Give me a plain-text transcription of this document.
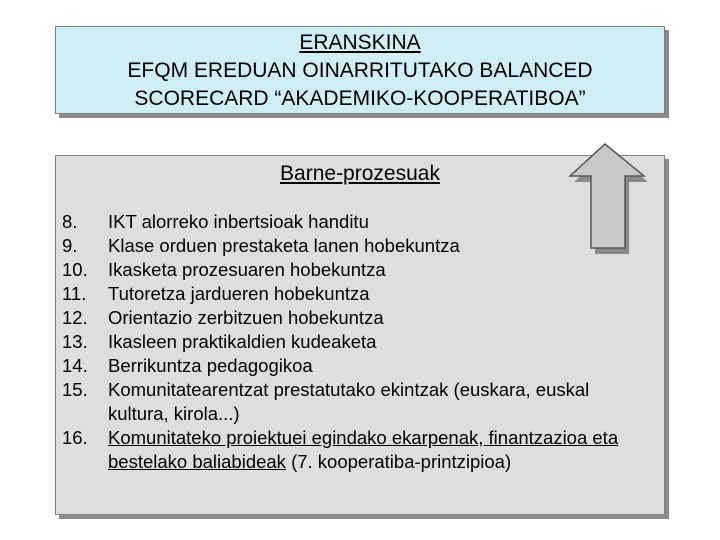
ERANSKINA
EFQM EREDUAN OINARRITUTAKO BALANCED
SCORECARD “AKADEMIKO-KOOPERATIBOA”
Barne-prozesuak
8.	IKT alorreko inbertsioak handitu
9.	Klase orduen prestaketa lanen hobekuntza
10.	Ikasketa prozesuaren hobekuntza
11.	Tutoretza jardueren hobekuntza
12.	Orientazio zerbitzuen hobekuntza
13.	Ikasleen praktikaldien kudeaketa
14.	Berrikuntza pedagogikoa
15.	Komunitatearentzat prestatutako ekintzak (euskara, euskal kultura, kirola...)
16.	Komunitateko proiektuei egindako ekarpenak, finantzazioa eta bestelako baliabideak (7. kooperatiba-printzipioa)
